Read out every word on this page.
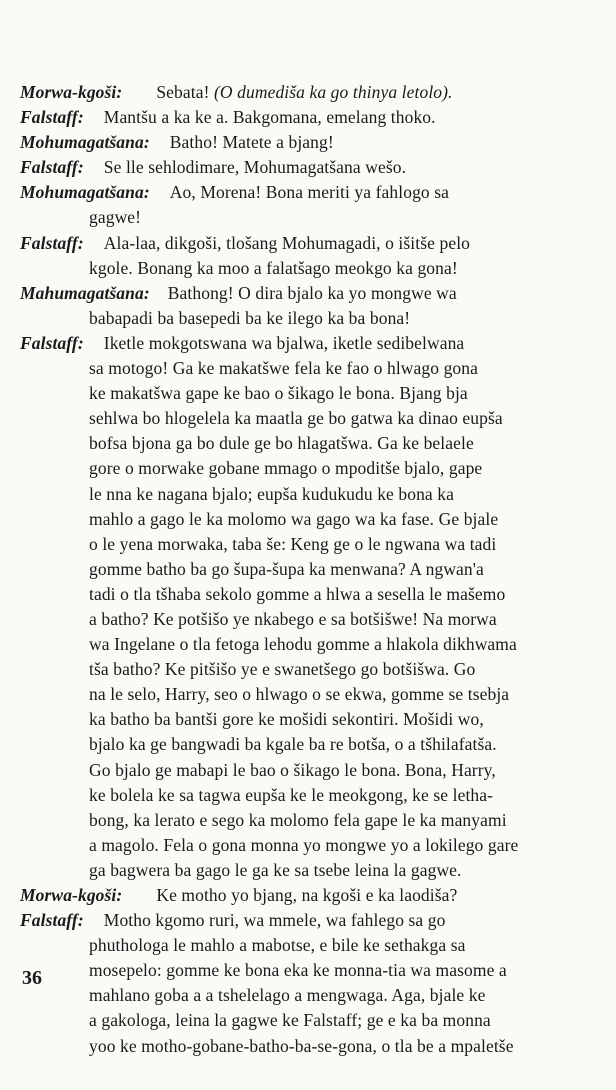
Morwa-kgoši: Sebata! (O dumediša ka go thinya letolo).
Falstaff: Mantšu a ka ke a. Bakgomana, emelang thoko.
Mohumagatšana: Batho! Matete a bjang!
Falstaff: Se lle sehlodimare, Mohumagatšana wešo.
Mohumagatšana: Ao, Morena! Bona meriti ya fahlogo sa
gagwe!
Falstaff: Ala-laa, dikgoši, tlošang Mohumagadi, o išitše pelo
kgole. Bonang ka moo a falatšago meokgo ka gona!
Mahumagatšana: Bathong! O dira bjalo ka yo mongwe wa
babapadi ba basepedi ba ke ilego ka ba bona!
Falstaff: Iketle mokgotswana wa bjalwa, iketle sedibelwana
sa motogo! Ga ke makatšwe fela ke fao o hlwago gona
ke makatšwa gape ke bao o šikago le bona. Bjang bja
sehlwa bo hlogelela ka maatla ge bo gatwa ka dinao eupša
bofsa bjona ga bo dule ge bo hlagatšwa. Ga ke belaele
gore o morwake gobane mmago o mpoditše bjalo, gape
le nna ke nagana bjalo; eupša kudukudu ke bona ka
mahlo a gago le ka molomo wa gago wa ka fase. Ge bjale
o le yena morwaka, taba še: Keng ge o le ngwana wa tadi
gomme batho ba go šupa-šupa ka menwana? A ngwan'a
tadi o tla tšhaba sekolo gomme a hlwa a sesella le mašemo
a batho? Ke potšišo ye nkabego e sa botšišwe! Na morwa
wa Ingelane o tla fetoga lehodu gomme a hlakola dikhwama
tša batho? Ke pitšišo ye e swanetšego go botšišwa. Go
na le selo, Harry, seo o hlwago o se ekwa, gomme se tsebja
ka batho ba bantši gore ke mošidi sekontiri. Mošidi wo,
bjalo ka ge bangwadi ba kgale ba re botša, o a tšhilafatša.
Go bjalo ge mabapi le bao o šikago le bona. Bona, Harry,
ke bolela ke sa tagwa eupša ke le meokgong, ke se letha-
bong, ka lerato e sego ka molomo fela gape le ka manyami
a magolo. Fela o gona monna yo mongwe yo a lokilego gare
ga bagwera ba gago le ga ke sa tsebe leina la gagwe.
Morwa-kgoši: Ke motho yo bjang, na kgoši e ka laodiša?
Falstaff: Motho kgomo ruri, wa mmele, wa fahlego sa go
phuthologa le mahlo a mabotse, e bile ke sethakga sa
mosepelo: gomme ke bona eka ke monna-tia wa masome a
mahlano goba a a tshelelago a mengwaga. Aga, bjale ke
a gakologa, leina la gagwe ke Falstaff; ge e ka ba monna
yoo ke motho-gobane-batho-ba-se-gona, o tla be a mpaletše
36
